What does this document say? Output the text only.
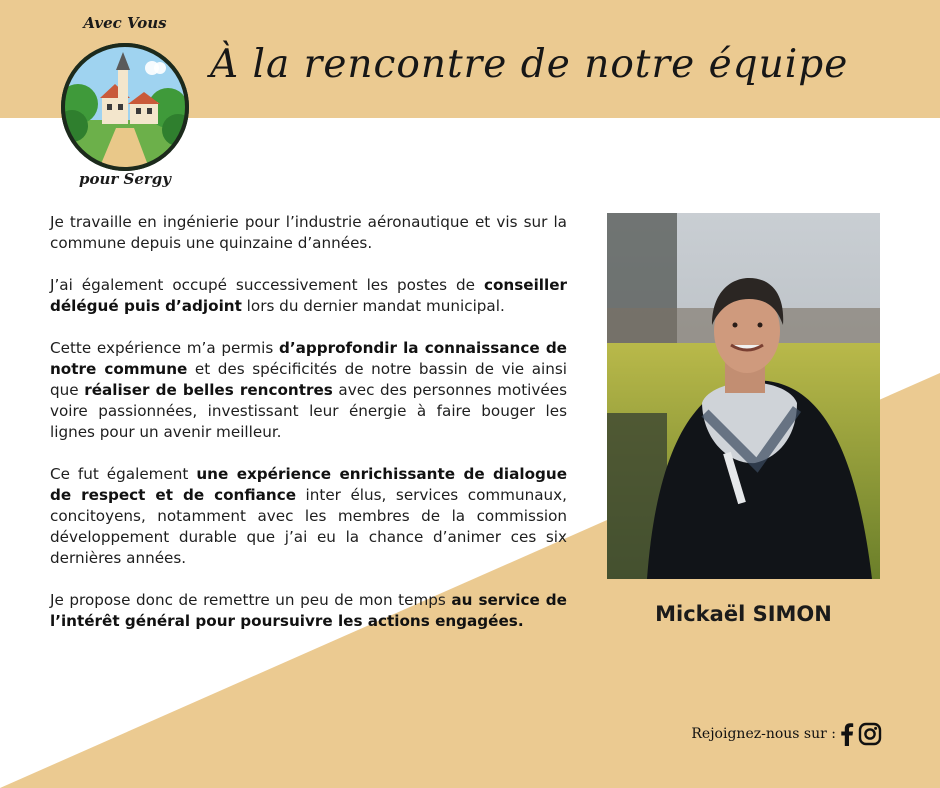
À la rencontre de notre équipe
Avec Vous
pour Sergy

Je travaille en ingénierie pour l’industrie aéronautique et vis sur la commune depuis une quinzaine d’années.

J’ai également occupé successivement les postes de conseiller délégué puis d’adjoint lors du dernier mandat municipal.

Cette expérience m’a permis d’approfondir la connaissance de notre commune et des spécificités de notre bassin de vie ainsi que réaliser de belles rencontres avec des personnes motivées voire passionnées, investissant leur énergie à faire bouger les lignes pour un avenir meilleur.

Ce fut également une expérience enrichissante de dialogue de respect et de confiance inter élus, services communaux, concitoyens, notamment avec les membres de la commission développement durable que j’ai eu la chance d’animer ces six dernières années.

Je propose donc de remettre un peu de mon temps au service de l’intérêt général pour poursuivre les actions engagées.	Mickaël SIMON
Rejoignez-nous sur :
